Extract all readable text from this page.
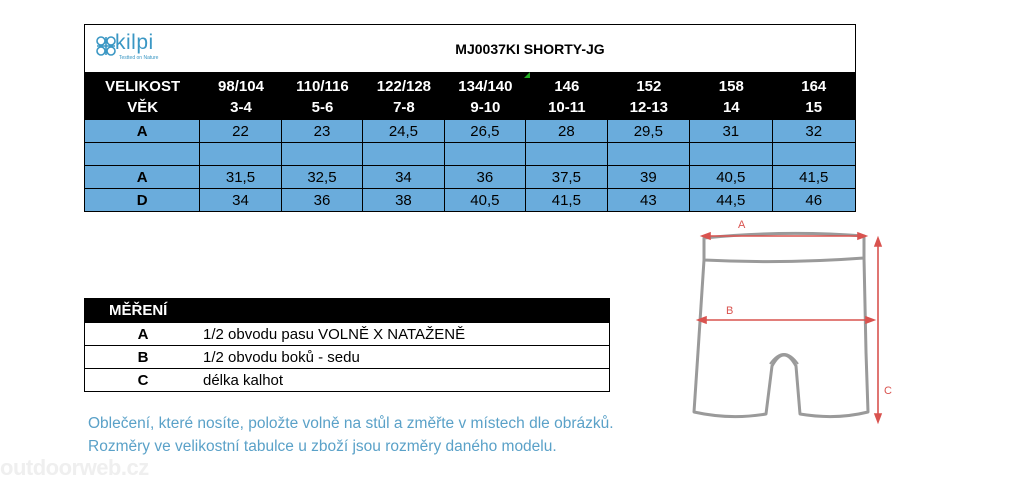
kilpi
Testted on Nature
MJ0037KI SHORTY-JG
VELIKOST	98/104	110/116	122/128	134/140	146	152	158	164
VĚK	3-4	5-6	7-8	9-10	10-11	12-13	14	15
A	22	23	24,5	26,5	28	29,5	31	32
A	31,5	32,5	34	36	37,5	39	40,5	41,5
D	34	36	38	40,5	41,5	43	44,5	46
MĚŘENÍ
A	1/2 obvodu pasu VOLNĚ X NATAŽENĚ
B	1/2 obvodu boků - sedu
C	délka kalhot
Oblečení, které nosíte, položte volně na stůl a změřte v místech dle obrázků.
Rozměry ve velikostní tabulce u zboží jsou rozměry daného modelu.
outdoorweb.cz
A
B
C
